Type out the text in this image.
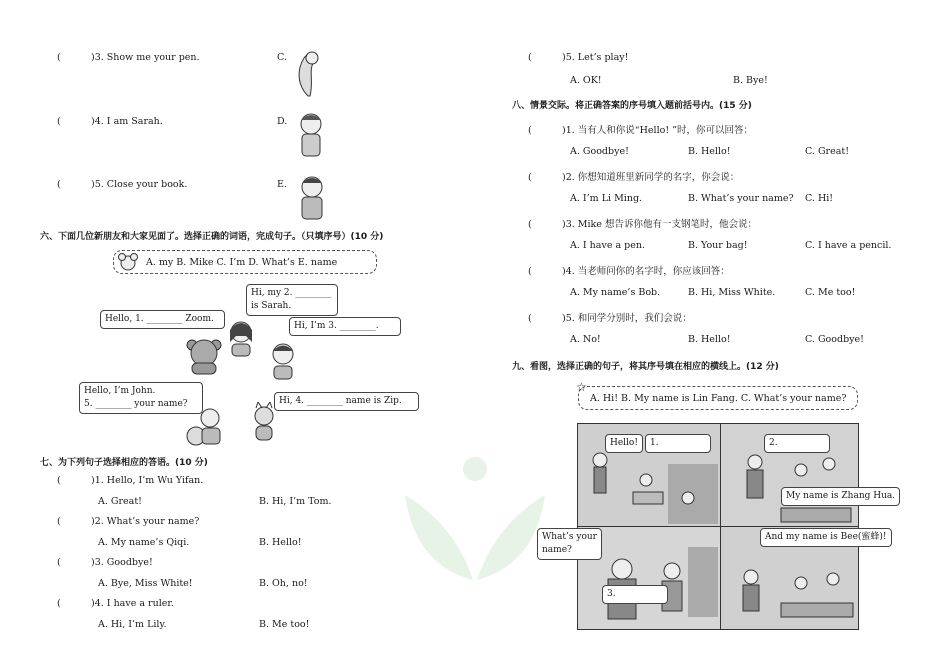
(	)3. Show me your pen.	C.
(	)4. I am Sarah.	D.
(	)5. Close your book.	E.
六、下面几位新朋友和大家见面了。选择正确的词语，完成句子。（只填序号）(10 分)
A. my B. Mike C. I’m D. What’s E. name
Hi, my 2. ________
is Sarah.
Hello, 1. ________ Zoom.
Hi, I’m 3. ________.
Hello, I’m John.
5. ________ your name?	Hi, 4. ________ name is Zip.
七、为下列句子选择相应的答语。(10 分)
(	)1. Hello, I’m Wu Yifan.
A. Great!	B. Hi, I’m Tom.
(	)2. What’s your name?
A. My name’s Qiqi.	B. Hello!
(	)3. Goodbye!
A. Bye, Miss White!	B. Oh, no!
(	)4. I have a ruler.
A. Hi, I’m Lily.	B. Me too!
(	)5. Let’s play!
A. OK!	B. Bye!
八、情景交际。将正确答案的序号填入题前括号内。(15 分)
(	)1. 当有人和你说“Hello! ”时，你可以回答：
A. Goodbye!	B. Hello!	C. Great!
(	)2. 你想知道班里新同学的名字，你会说：
A. I’m Li Ming.	B. What’s your name? C. Hi!
(	)3. Mike 想告诉你他有一支钢笔时，他会说：
A. I have a pen.	B. Your bag!	C. I have a pencil.
(	)4. 当老师问你的名字时，你应该回答：
A. My name’s Bob.	B. Hi, Miss White.	C. Me too!
(	)5. 和同学分别时，我们会说：
A. No!	B. Hello!	C. Goodbye!
九、看图，选择正确的句子，将其序号填在相应的横线上。(12 分)
☆
A. Hi! B. My name is Lin Fang. C. What’s your name?
Hello!	1.	2.
My name is Zhang Hua.
What’s your
name?
And my name is Bee(蜜蜂)!
3.
